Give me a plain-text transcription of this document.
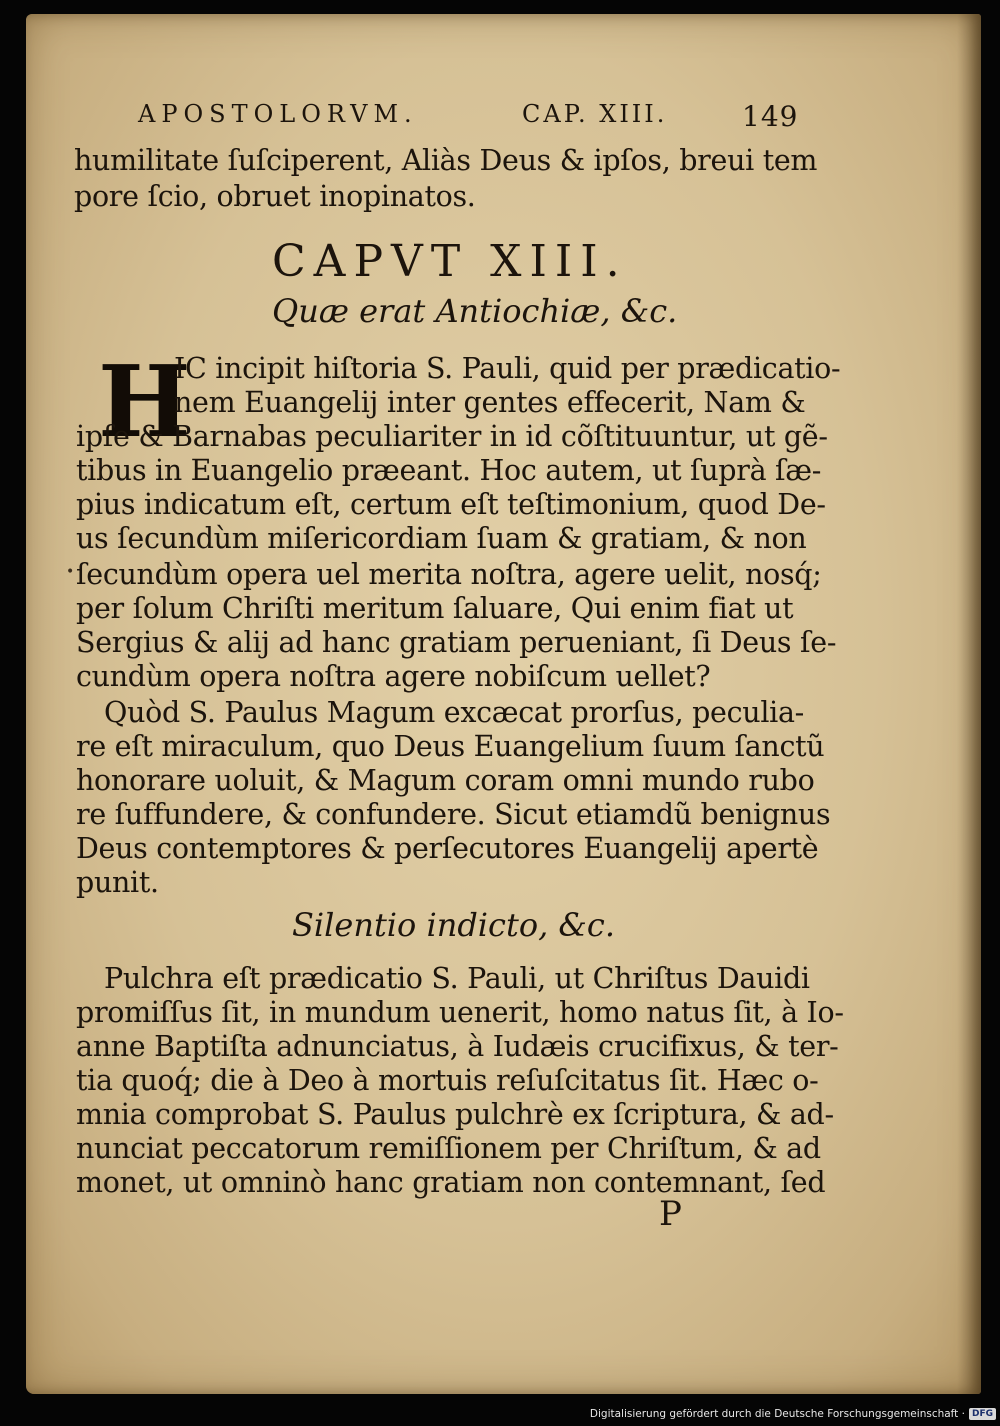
APOSTOLORVM.	CAP. XIII.	149
humilitate ſuſciperent, Aliàs Deus & ipſos, breui tem
pore ſcio, obruet inopinatos.
CAPVT XIII.
Quæ erat Antiochiæ, &c.
H
IC incipit hiſtoria S. Pauli, quid per prædicatio-
nem Euangelij inter gentes effecerit, Nam &
ipſe & Barnabas peculiariter in id cõſtituuntur, ut gẽ-
tibus in Euangelio præeant. Hoc autem, ut ſuprà ſæ-
pius indicatum eſt, certum eſt teſtimonium, quod De-
us ſecundùm miſericordiam ſuam & gratiam, & non
ſecundùm opera uel merita noſtra, agere uelit, nosq́;
per ſolum Chriſti meritum ſaluare, Qui enim fiat ut
Sergius & alij ad hanc gratiam perueniant, ſi Deus ſe-
cundùm opera noſtra agere nobiſcum uellet?
•
Quòd S. Paulus Magum excæcat prorſus, peculia-
re eſt miraculum, quo Deus Euangelium ſuum ſanctũ
honorare uoluit, & Magum coram omni mundo rubo
re ſuffundere, & confundere. Sicut etiamdũ benignus
Deus contemptores & perſecutores Euangelij apertè
punit.
Silentio indicto, &c.
Pulchra eſt prædicatio S. Pauli, ut Chriſtus Dauidi
promiſſus ſit, in mundum uenerit, homo natus ſit, à Io-
anne Baptiſta adnunciatus, à Iudæis crucifixus, & ter-
tia quoq́; die à Deo à mortuis reſuſcitatus ſit. Hæc o-
mnia comprobat S. Paulus pulchrè ex ſcriptura, & ad-
nunciat peccatorum remiſſionem per Chriſtum, & ad
monet, ut omninò hanc gratiam non contemnant, ſed
P
Digitalisierung gefördert durch die Deutsche Forschungsgemeinschaft · DFG
